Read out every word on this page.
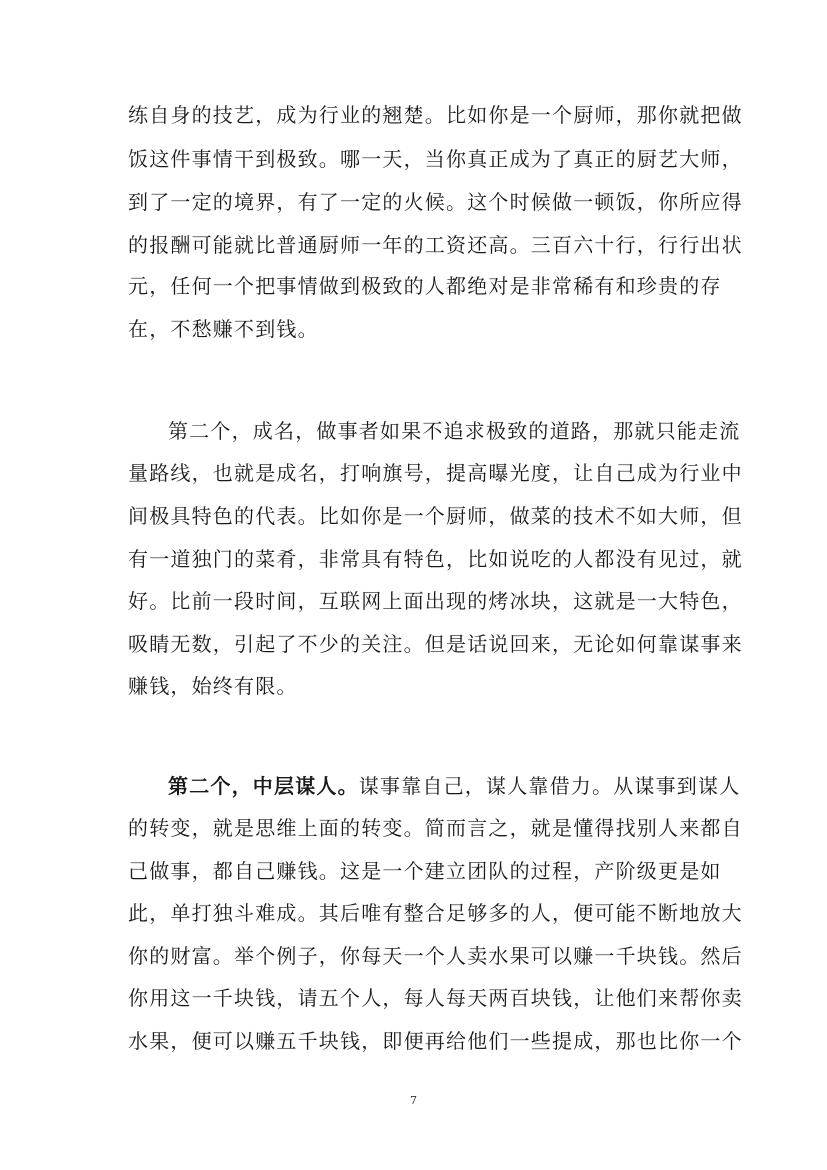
练自身的技艺，成为行业的翘楚。比如你是一个厨师，那你就把做
饭这件事情干到极致。哪一天，当你真正成为了真正的厨艺大师，
到了一定的境界，有了一定的火候。这个时候做一顿饭，你所应得
的报酬可能就比普通厨师一年的工资还高。三百六十行，行行出状
元，任何一个把事情做到极致的人都绝对是非常稀有和珍贵的存
在，不愁赚不到钱。
第二个，成名，做事者如果不追求极致的道路，那就只能走流
量路线，也就是成名，打响旗号，提高曝光度，让自己成为行业中
间极具特色的代表。比如你是一个厨师，做菜的技术不如大师，但
有一道独门的菜肴，非常具有特色，比如说吃的人都没有见过，就
好。比前一段时间，互联网上面出现的烤冰块，这就是一大特色，
吸睛无数，引起了不少的关注。但是话说回来，无论如何靠谋事来
赚钱，始终有限。
第二个，中层谋人。谋事靠自己，谋人靠借力。从谋事到谋人
的转变，就是思维上面的转变。简而言之，就是懂得找别人来都自
己做事，都自己赚钱。这是一个建立团队的过程，产阶级更是如
此，单打独斗难成。其后唯有整合足够多的人，便可能不断地放大
你的财富。举个例子，你每天一个人卖水果可以赚一千块钱。然后
你用这一千块钱，请五个人，每人每天两百块钱，让他们来帮你卖
水果，便可以赚五千块钱，即便再给他们一些提成，那也比你一个
7
